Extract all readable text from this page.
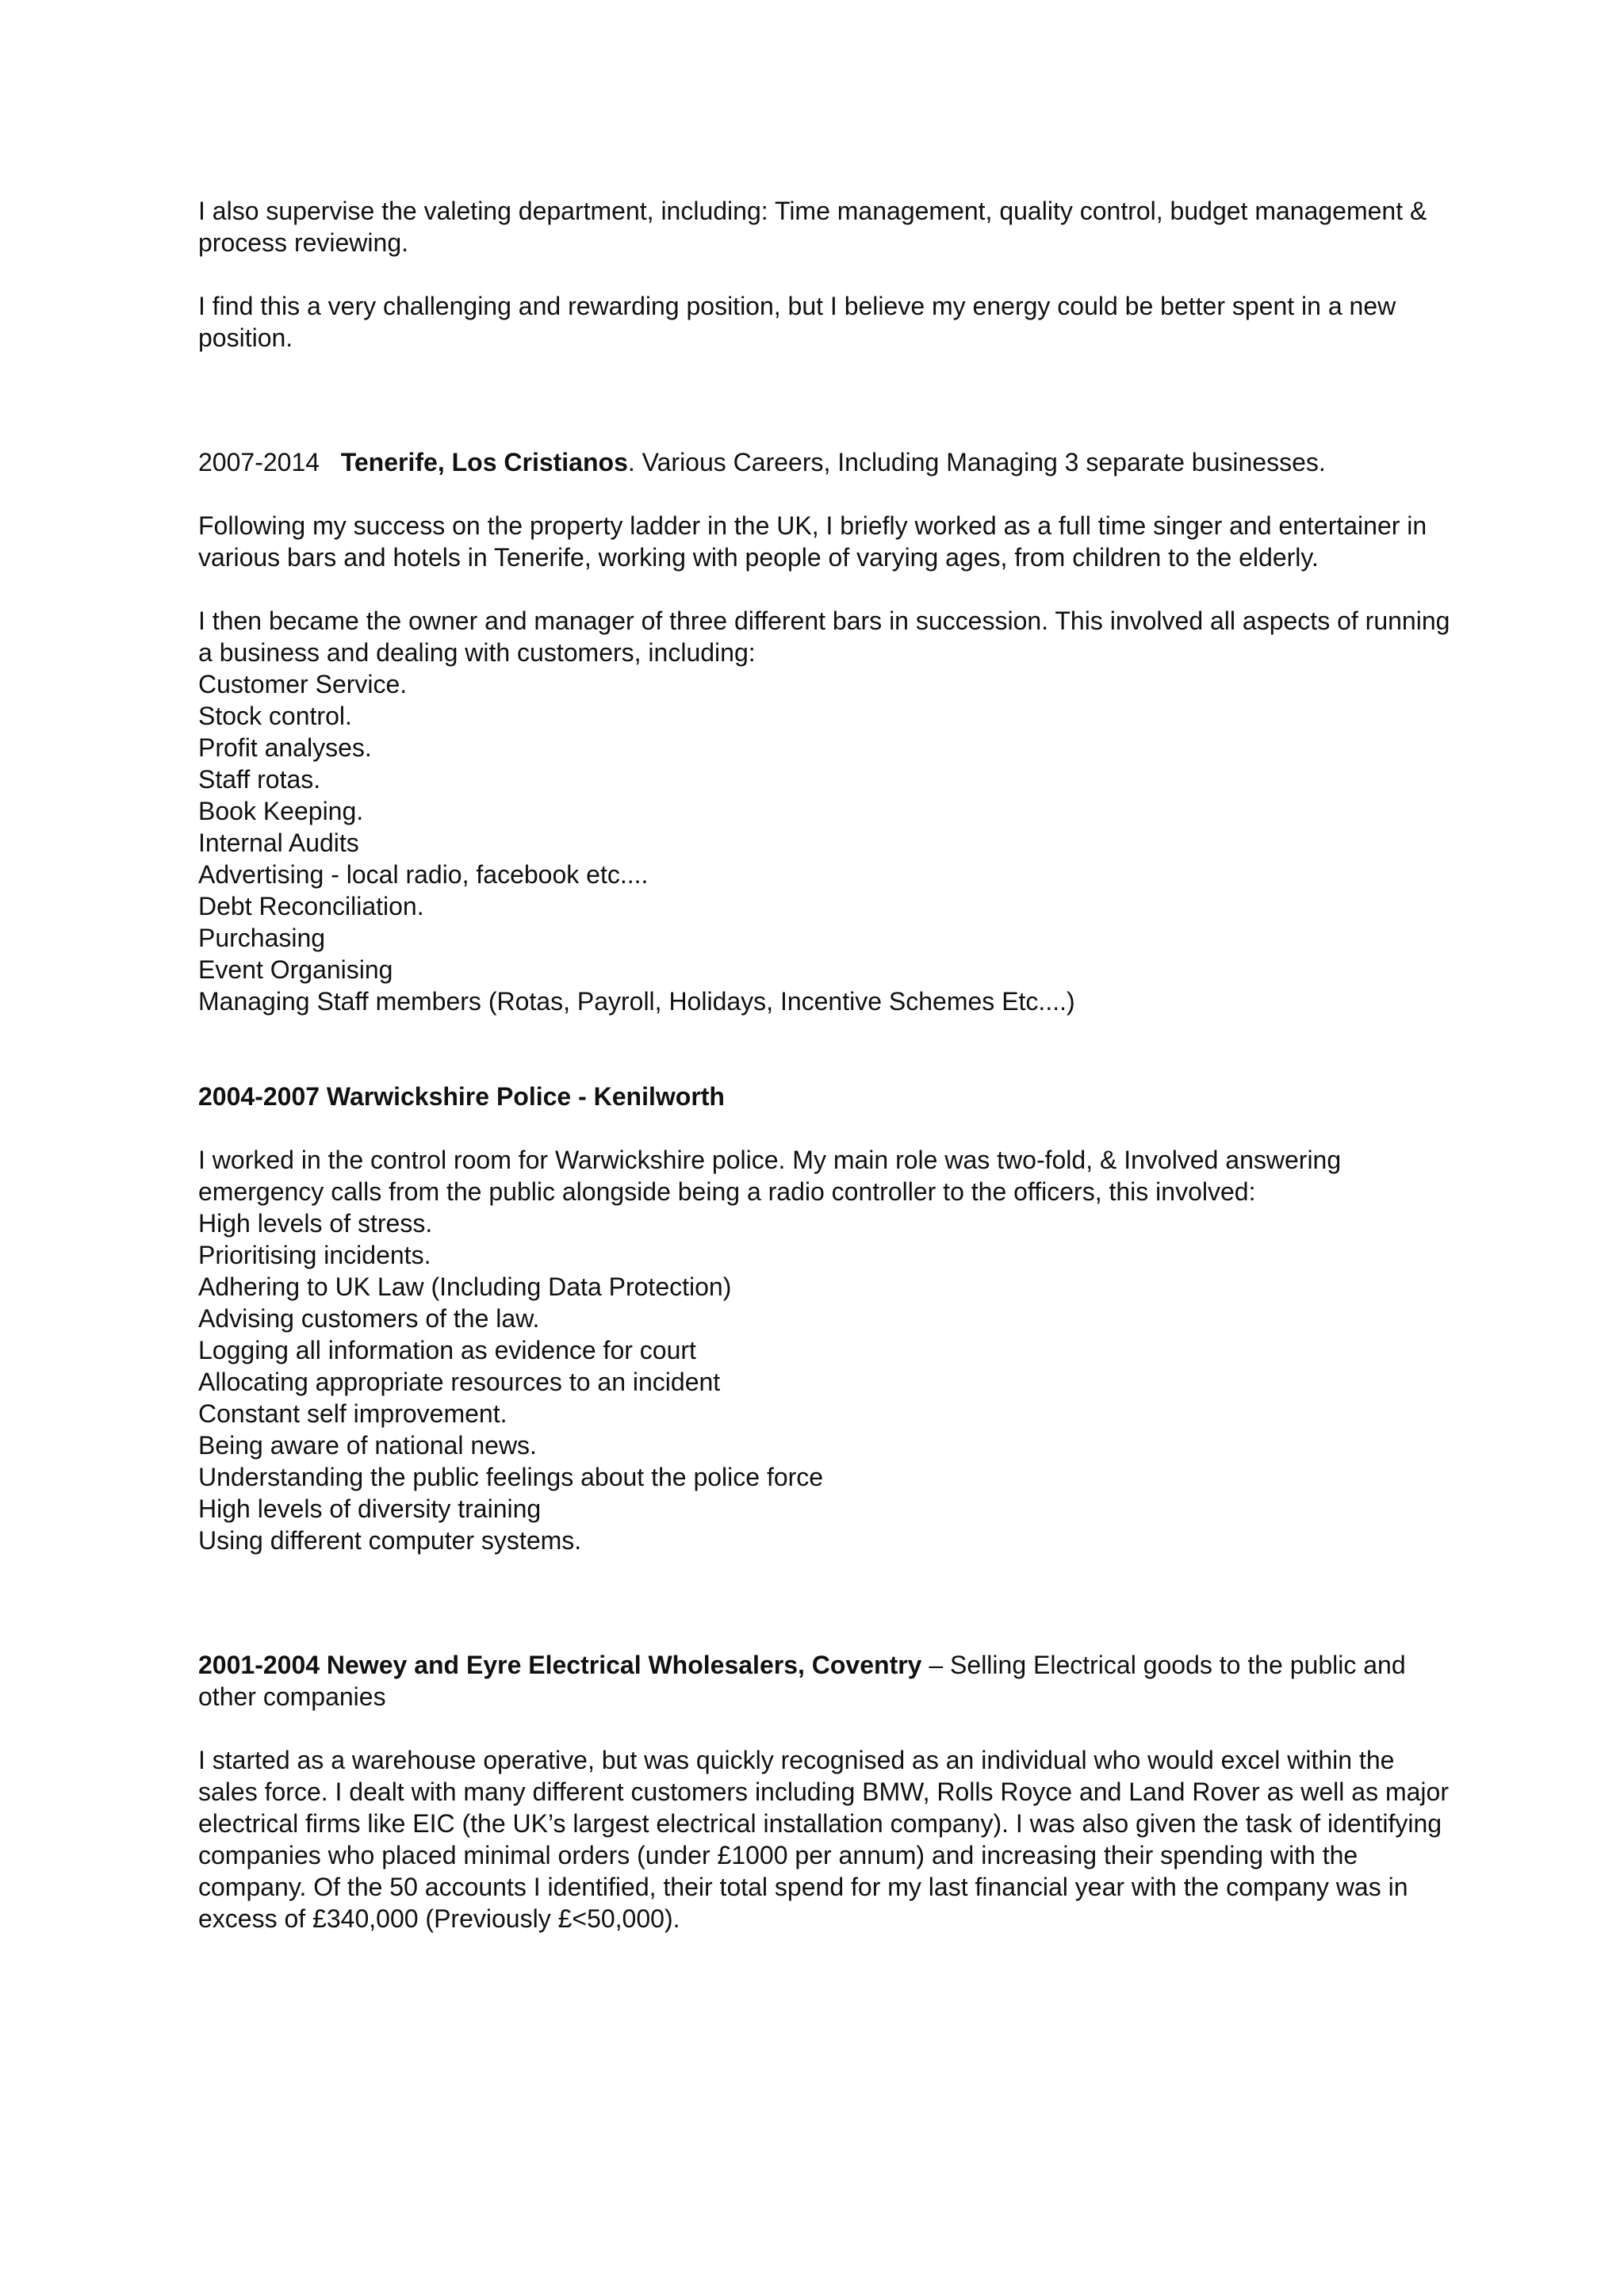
I also supervise the valeting department, including: Time management, quality control, budget management & process reviewing.

I find this a very challenging and rewarding position, but I believe my energy could be better spent in a new position.

2007-2014 Tenerife, Los Cristianos. Various Careers, Including Managing 3 separate businesses.

Following my success on the property ladder in the UK, I briefly worked as a full time singer and entertainer in various bars and hotels in Tenerife, working with people of varying ages, from children to the elderly.

I then became the owner and manager of three different bars in succession. This involved all aspects of running a business and dealing with customers, including:

Customer Service.
Stock control.
Profit analyses.
Staff rotas.
Book Keeping.
Internal Audits
Advertising - local radio, facebook etc....
Debt Reconciliation.
Purchasing
Event Organising
Managing Staff members (Rotas, Payroll, Holidays, Incentive Schemes Etc....)

2004-2007 Warwickshire Police - Kenilworth

I worked in the control room for Warwickshire police. My main role was two-fold, & Involved answering emergency calls from the public alongside being a radio controller to the officers, this involved:

High levels of stress.
Prioritising incidents.
Adhering to UK Law (Including Data Protection)
Advising customers of the law.
Logging all information as evidence for court
Allocating appropriate resources to an incident
Constant self improvement.
Being aware of national news.
Understanding the public feelings about the police force
High levels of diversity training
Using different computer systems.

2001-2004 Newey and Eyre Electrical Wholesalers, Coventry – Selling Electrical goods to the public and other companies

I started as a warehouse operative, but was quickly recognised as an individual who would excel within the sales force. I dealt with many different customers including BMW, Rolls Royce and Land Rover as well as major electrical firms like EIC (the UK’s largest electrical installation company). I was also given the task of identifying companies who placed minimal orders (under £1000 per annum) and increasing their spending with the company. Of the 50 accounts I identified, their total spend for my last financial year with the company was in excess of £340,000 (Previously £<50,000).
